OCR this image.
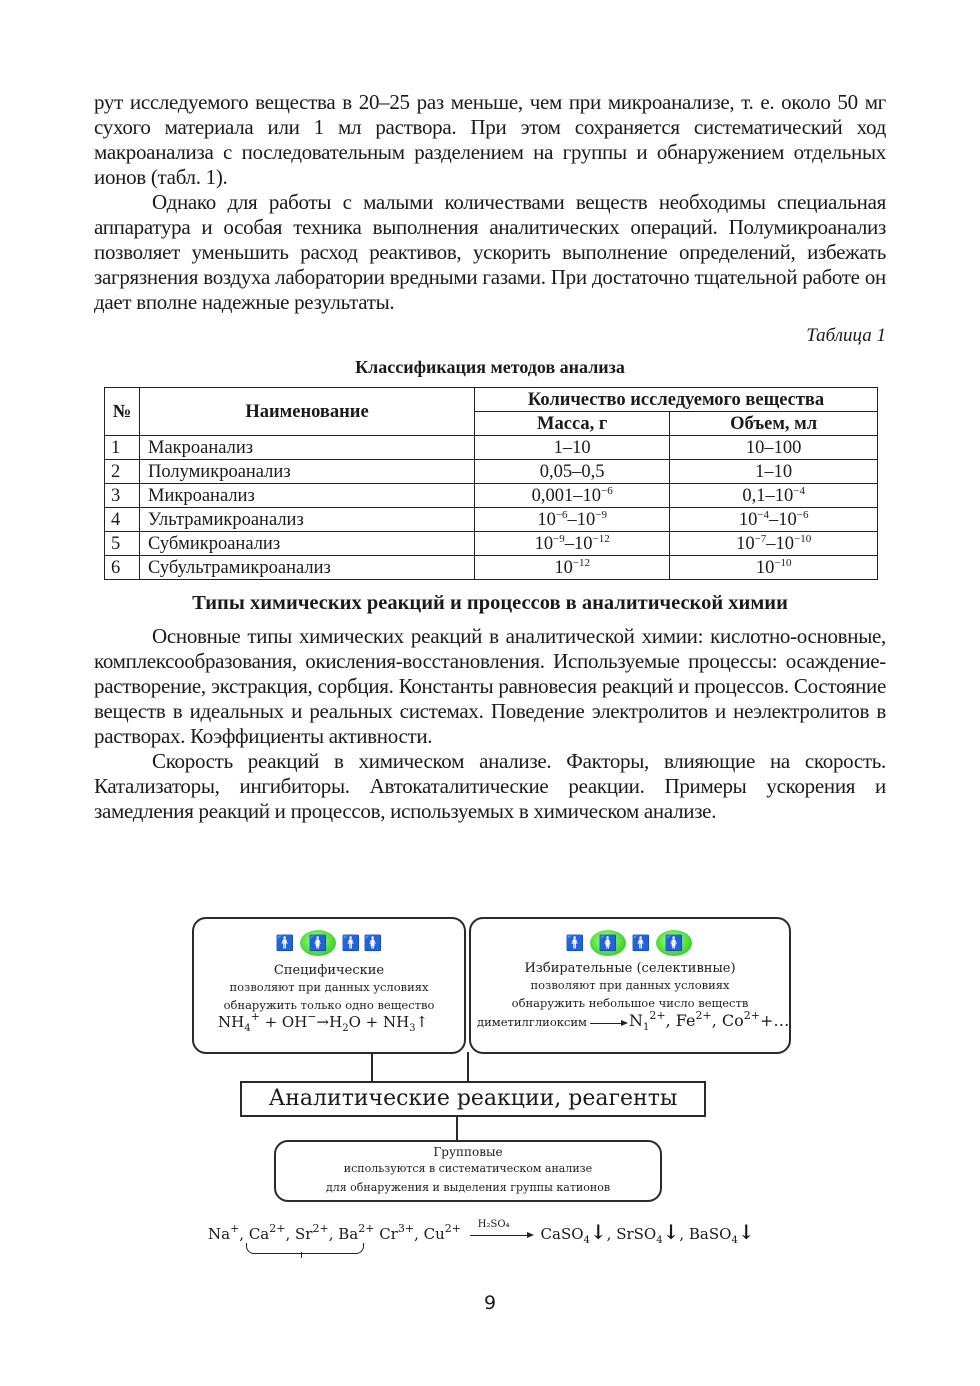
рут исследуемого вещества в 20–25 раз меньше, чем при микроанализе, т. е. около 50 мг сухого материала или 1 мл раствора. При этом сохраняется систематический ход макроанализа с последовательным разделением на группы и обнаружением отдельных ионов (табл. 1).

Однако для работы с малыми количествами веществ необходимы специальная аппаратура и особая техника выполнения аналитических операций. Полумикроанализ позволяет уменьшить расход реактивов, ускорить выполнение определений, избежать загрязнения воздуха лаборатории вредными газами. При достаточно тщательной работе он дает вполне надежные результаты.

Таблица 1
Классификация методов анализа
№	Наименование	Количество исследуемого вещества	
		Масса, г	Объем, мл
1	Макроанализ	1–10	10–100
2	Полумикроанализ	0,05–0,5	1–10
3	Микроанализ	$0,001-10^{-6}$	$0,1-10^{-4}$
4	Ультрамикроанализ	$10^{-6}-10^{-9}$	$10^{-4}-10^{-6}$
5	Субмикроанализ	$10^{-9}-10^{-12}$	$10^{-7}-10^{-10}$
6	Субультрамикроанализ	$10^{-12}$	$10^{-10}$
Типы химических реакций и процессов в аналитической химии

Основные типы химических реакций в аналитической химии: кислотно-основные, комплексообразования, окисления-восстановления. Используемые процессы: осаждение-растворение, экстракция, сорбция. Константы равновесия реакций и процессов. Состояние веществ в идеальных и реальных системах. Поведение электролитов и неэлектролитов в растворах. Коэффициенты активности.

Скорость реакций в химическом анализе. Факторы, влияющие на скорость. Катализаторы, ингибиторы. Автокаталитические реакции. Примеры ускорения и замедления реакций и процессов, используемых в химическом анализе.

🚹 🚺 🚹 🚺
Специфические
позволяют при данных условиях
обнаружить только одно вещество
$NH_4^+ + OH^-\to H_2O$ + $NH_3↑$
🚹 🚺 🚹 🚺
Избирательные (селективные)
позволяют при данных условиях
обнаружить небольшое число веществ
диметилглиоксим	$N_1^{2+}$, $Fe^{2+}$, $Co^{2+}+\dots$
Аналитические реакции, реагенты
Групповые
используются в систематическом анализе
для обнаружения и выделения группы катионов
Na+, $Ca^{2+}$, $Sr^{2+}$, $Ba^{2+}$ $Cr^{3+}$, $Cu^{2+}$ H₂SO₄
CaSO$_4$↓, SrSO$_4$↓, BaSO$_4$↓
9
